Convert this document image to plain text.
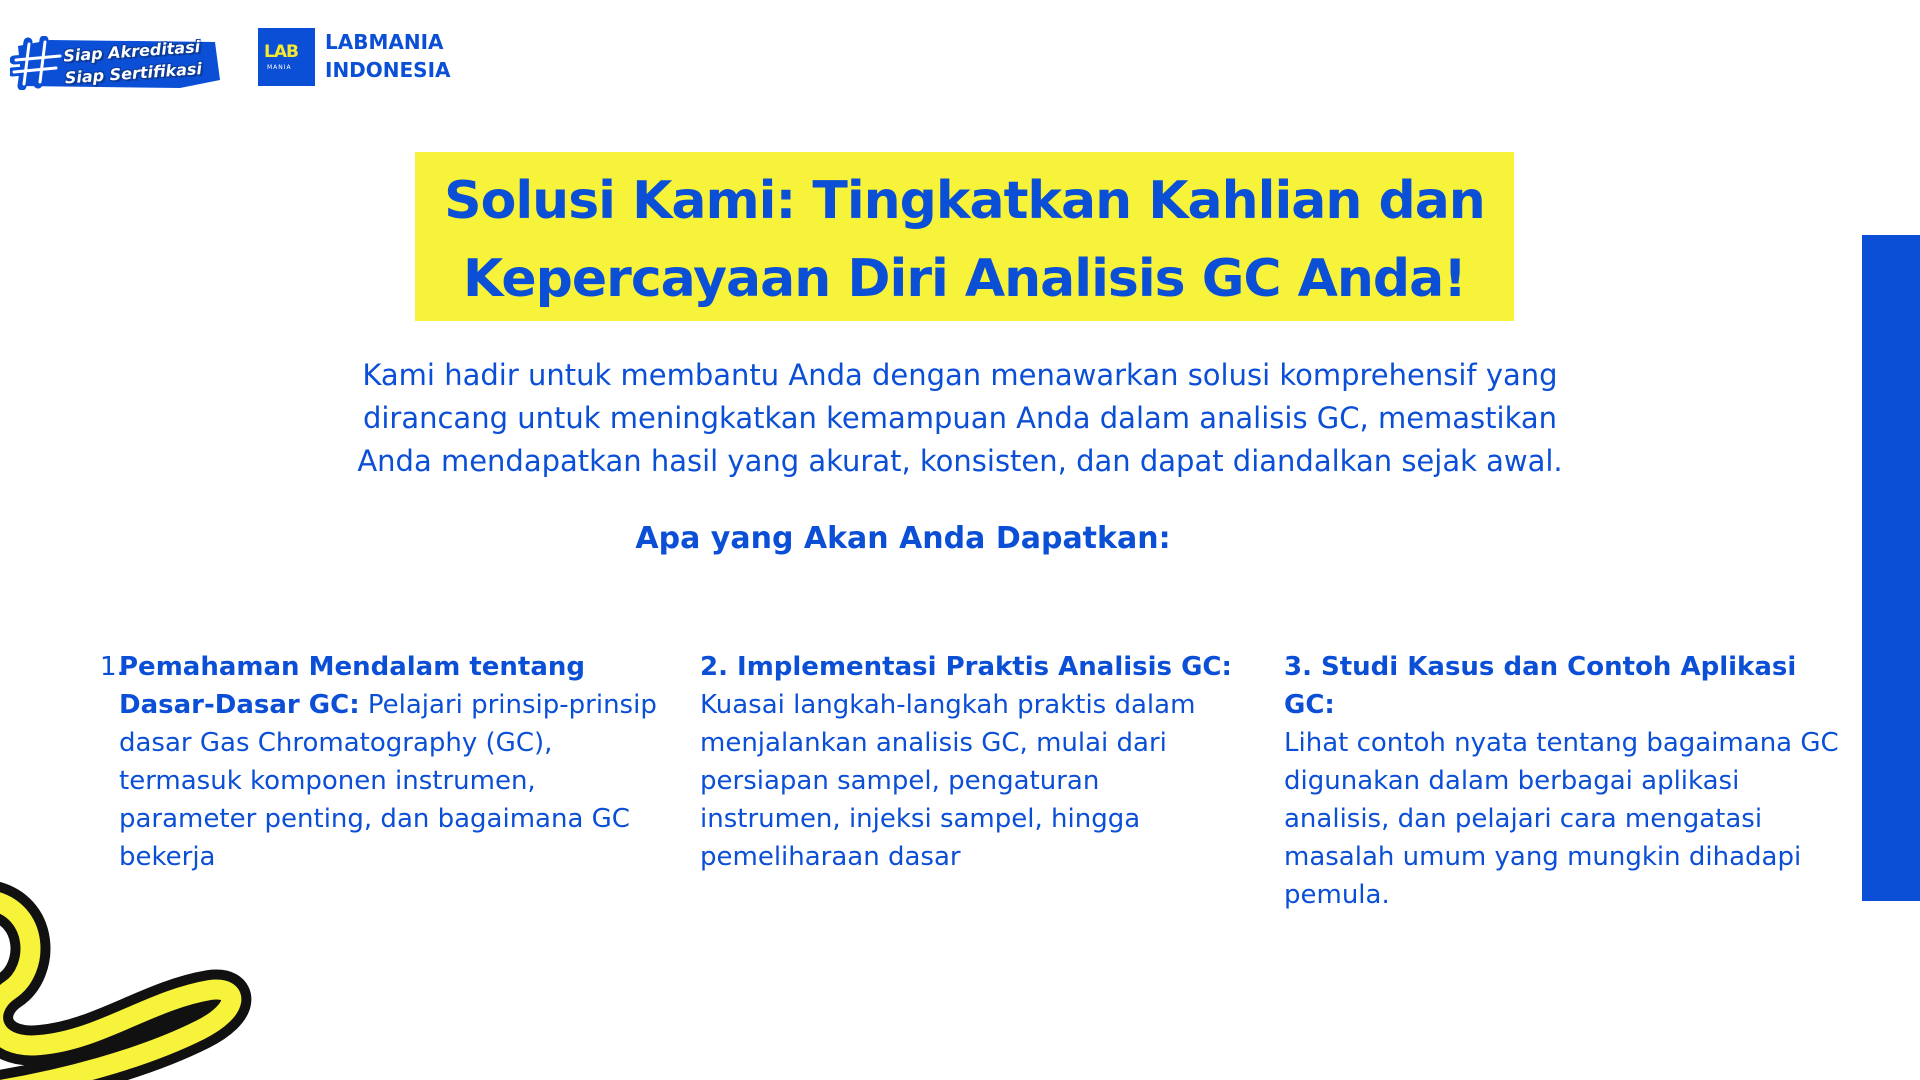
Siap Akreditasi
Siap Sertifikasi
LAB
MANIA
LABMANIA
INDONESIA
Solusi Kami: Tingkatkan Kahlian dan
Kepercayaan Diri Analisis GC Anda!
Kami hadir untuk membantu Anda dengan menawarkan solusi komprehensif yang
dirancang untuk meningkatkan kemampuan Anda dalam analisis GC, memastikan
Anda mendapatkan hasil yang akurat, konsisten, dan dapat diandalkan sejak awal.
Apa yang Akan Anda Dapatkan:
1.
Pemahaman Mendalam tentang Dasar-Dasar GC: Pelajari prinsip-prinsip dasar Gas Chromatography (GC), termasuk komponen instrumen, parameter penting, dan bagaimana GC bekerja
2. Implementasi Praktis Analisis GC:
Kuasai langkah-langkah praktis dalam menjalankan analisis GC, mulai dari persiapan sampel, pengaturan instrumen, injeksi sampel, hingga pemeliharaan dasar
3. Studi Kasus dan Contoh Aplikasi GC:
Lihat contoh nyata tentang bagaimana GC digunakan dalam berbagai aplikasi analisis, dan pelajari cara mengatasi masalah umum yang mungkin dihadapi pemula.
